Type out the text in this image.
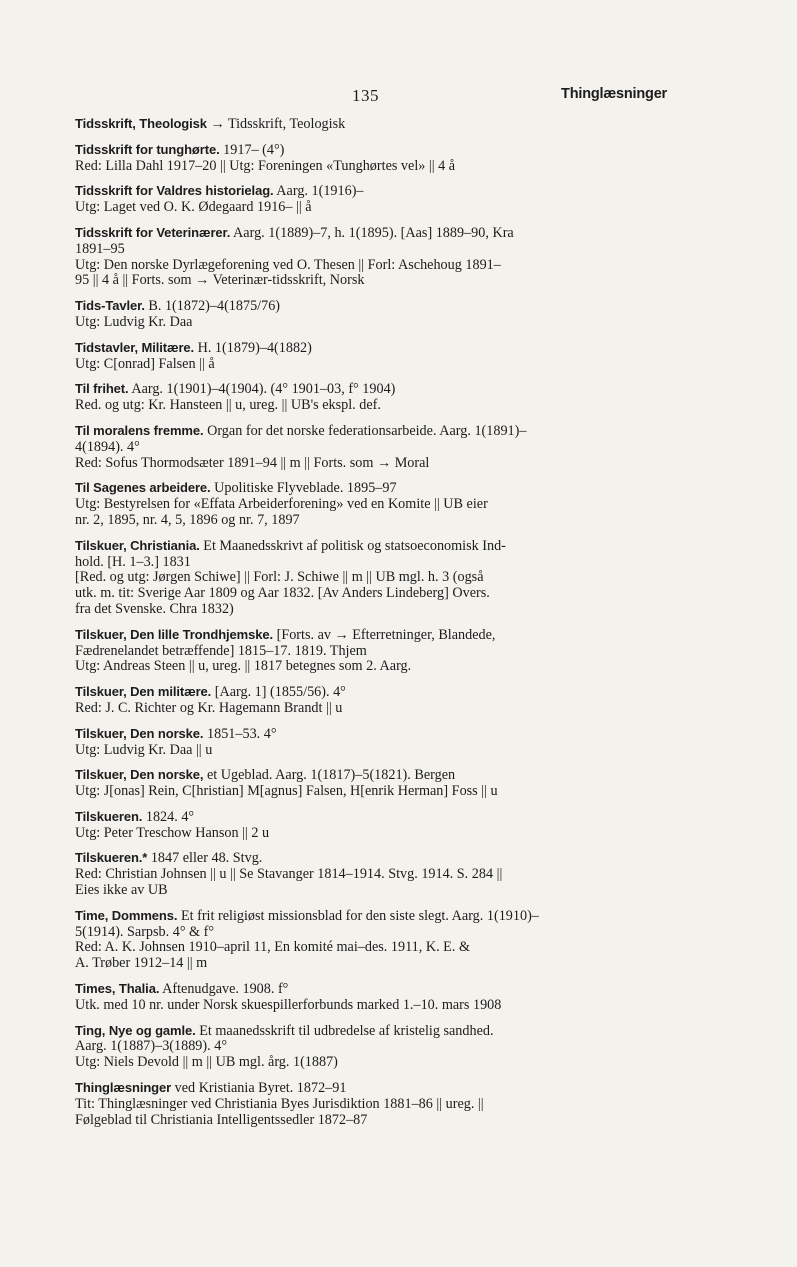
135	Thinglæsninger
Tidsskrift, Theologisk → Tidsskrift, Teologisk
Tidsskrift for tunghørte. 1917– (4°)
Red: Lilla Dahl 1917–20 || Utg: Foreningen «Tunghørtes vel» || 4 å
Tidsskrift for Valdres historielag. Aarg. 1(1916)–
Utg: Laget ved O. K. Ødegaard 1916– || å
Tidsskrift for Veterinærer. Aarg. 1(1889)–7, h. 1(1895). [Aas] 1889–90, Kra
1891–95
Utg: Den norske Dyrlægeforening ved O. Thesen || Forl: Aschehoug 1891–
95 || 4 å || Forts. som → Veterinær-tidsskrift, Norsk
Tids-Tavler. B. 1(1872)–4(1875/76)
Utg: Ludvig Kr. Daa
Tidstavler, Militære. H. 1(1879)–4(1882)
Utg: C[onrad] Falsen || å
Til frihet. Aarg. 1(1901)–4(1904). (4° 1901–03, f° 1904)
Red. og utg: Kr. Hansteen || u, ureg. || UB's ekspl. def.
Til moralens fremme. Organ for det norske federationsarbeide. Aarg. 1(1891)–
4(1894). 4°
Red: Sofus Thormodsæter 1891–94 || m || Forts. som → Moral
Til Sagenes arbeidere. Upolitiske Flyveblade. 1895–97
Utg: Bestyrelsen for «Effata Arbeiderforening» ved en Komite || UB eier
nr. 2, 1895, nr. 4, 5, 1896 og nr. 7, 1897
Tilskuer, Christiania. Et Maanedsskrivt af politisk og statsoeconomisk Ind-
hold. [H. 1–3.] 1831
[Red. og utg: Jørgen Schiwe] || Forl: J. Schiwe || m || UB mgl. h. 3 (også
utk. m. tit: Sverige Aar 1809 og Aar 1832. [Av Anders Lindeberg] Overs.
fra det Svenske. Chra 1832)
Tilskuer, Den lille Trondhjemske. [Forts. av → Efterretninger, Blandede,
Fædrenelandet betræffende] 1815–17. 1819. Thjem
Utg: Andreas Steen || u, ureg. || 1817 betegnes som 2. Aarg.
Tilskuer, Den militære. [Aarg. 1] (1855/56). 4°
Red: J. C. Richter og Kr. Hagemann Brandt || u
Tilskuer, Den norske. 1851–53. 4°
Utg: Ludvig Kr. Daa || u
Tilskuer, Den norske, et Ugeblad. Aarg. 1(1817)–5(1821). Bergen
Utg: J[onas] Rein, C[hristian] M[agnus] Falsen, H[enrik Herman] Foss || u
Tilskueren. 1824. 4°
Utg: Peter Treschow Hanson || 2 u
Tilskueren.* 1847 eller 48. Stvg.
Red: Christian Johnsen || u || Se Stavanger 1814–1914. Stvg. 1914. S. 284 ||
Eies ikke av UB
Time, Dommens. Et frit religiøst missionsblad for den siste slegt. Aarg. 1(1910)–
5(1914). Sarpsb. 4° & f°
Red: A. K. Johnsen 1910–april 11, En komité mai–des. 1911, K. E. &
A. Trøber 1912–14 || m
Times, Thalia. Aftenudgave. 1908. f°
Utk. med 10 nr. under Norsk skuespillerforbunds marked 1.–10. mars 1908
Ting, Nye og gamle. Et maanedsskrift til udbredelse af kristelig sandhed.
Aarg. 1(1887)–3(1889). 4°
Utg: Niels Devold || m || UB mgl. årg. 1(1887)
Thinglæsninger ved Kristiania Byret. 1872–91
Tit: Thinglæsninger ved Christiania Byes Jurisdiktion 1881–86 || ureg. ||
Følgeblad til Christiania Intelligentssedler 1872–87
